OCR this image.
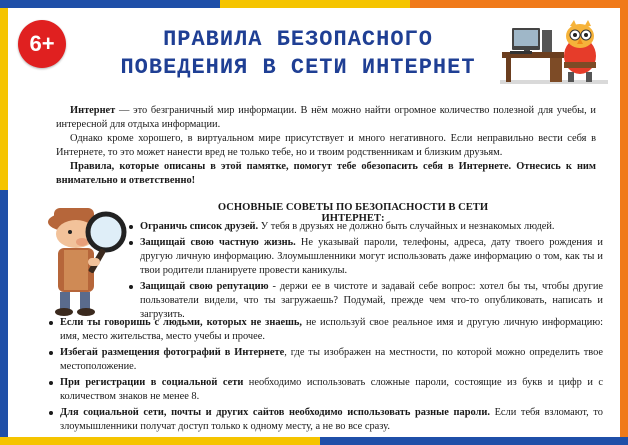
6+	ПРАВИЛА БЕЗОПАСНОГО
ПОВЕДЕНИЯ В СЕТИ ИНТЕРНЕТ

Интернет — это безграничный мир информации. В нём можно найти огромное количество полезной для учебы, и интересной для отдыха информации.

Однако кроме хорошего, в виртуальном мире присутствует и много негативного. Если неправильно вести себя в Интернете, то это может нанести вред не только тебе, но и твоим родственникам и близким друзьям.

Правила, которые описаны в этой памятке, помогут тебе обезопасить себя в Интернете. Отнесись к ним внимательно и ответственно!

ОСНОВНЫЕ СОВЕТЫ ПО БЕЗОПАСНОСТИ В СЕТИ ИНТЕРНЕТ:
Ограничь список друзей. У тебя в друзьях не должно быть случайных и незнакомых людей.
Защищай свою частную жизнь. Не указывай пароли, телефоны, адреса, дату твоего рождения и другую личную информацию. Злоумышленники могут использовать даже информацию о том, как ты и твои родители планируете провести каникулы.
Защищай свою репутацию - держи ее в чистоте и задавай себе вопрос: хотел бы ты, чтобы другие пользователи видели, что ты загружаешь? Подумай, прежде чем что-то опубликовать, написать и загрузить.
Если ты говоришь с людьми, которых не знаешь, не используй свое реальное имя и другую личную информацию: имя, место жительства, место учебы и прочее.
Избегай размещения фотографий в Интернете, где ты изображен на местности, по которой можно определить твое местоположение.
При регистрации в социальной сети необходимо использовать сложные пароли, состоящие из букв и цифр и с количеством знаков не менее 8.
Для социальной сети, почты и других сайтов необходимо использовать разные пароли. Если тебя взломают, то злоумышленники получат доступ только к одному месту, а не во все сразу.
